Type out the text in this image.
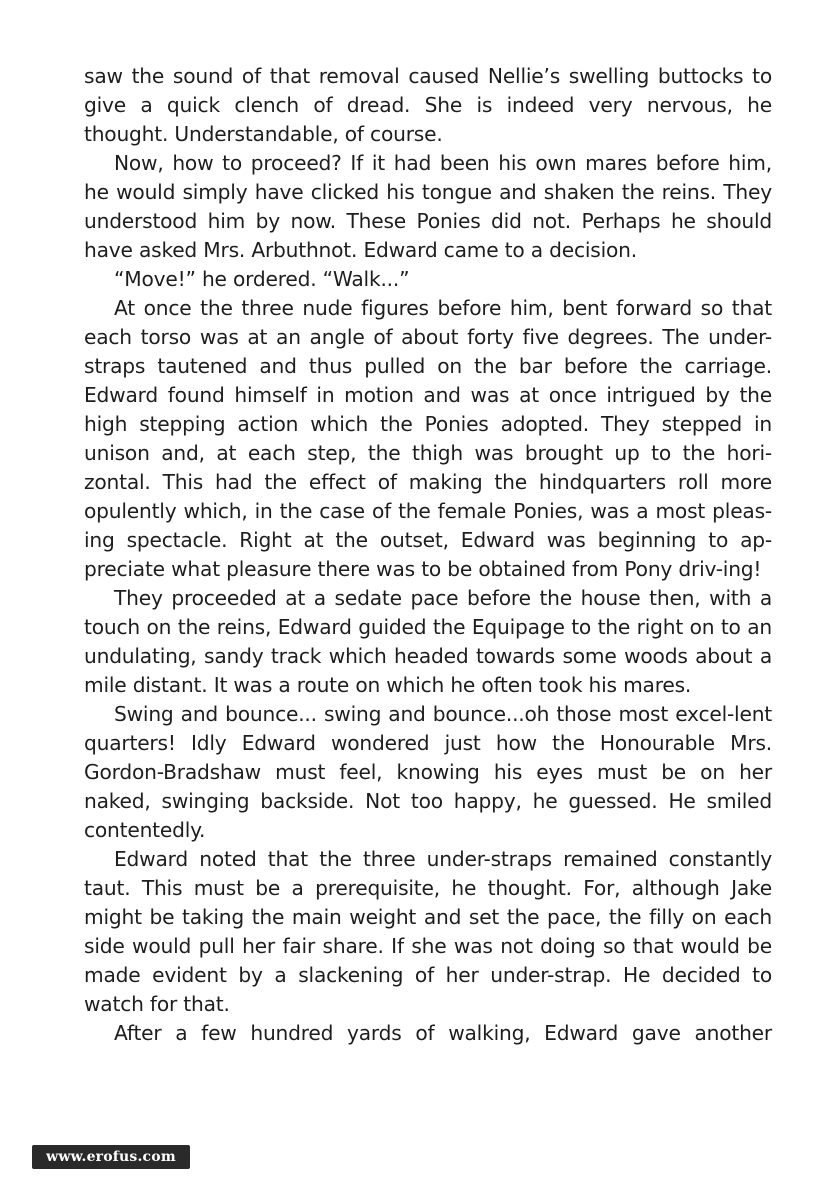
saw the sound of that removal caused Nellie’s swelling buttocks to give a quick clench of dread. She is indeed very nervous, he thought. Understandable, of course.

Now, how to proceed? If it had been his own mares before him, he would simply have clicked his tongue and shaken the reins. They understood him by now. These Ponies did not. Perhaps he should have asked Mrs. Arbuthnot. Edward came to a decision.

“Move!” he ordered. “Walk...”

At once the three nude figures before him, bent forward so that each torso was at an angle of about forty five degrees. The under-straps tautened and thus pulled on the bar before the carriage. Edward found himself in motion and was at once intrigued by the high stepping action which the Ponies adopted. They stepped in unison and, at each step, the thigh was brought up to the hori-zontal. This had the effect of making the hindquarters roll more opulently which, in the case of the female Ponies, was a most pleas-ing spectacle. Right at the outset, Edward was beginning to ap-preciate what pleasure there was to be obtained from Pony driv-ing!

They proceeded at a sedate pace before the house then, with a touch on the reins, Edward guided the Equipage to the right on to an undulating, sandy track which headed towards some woods about a mile distant. It was a route on which he often took his mares.

Swing and bounce... swing and bounce...oh those most excel-lent quarters! Idly Edward wondered just how the Honourable Mrs. Gordon-Bradshaw must feel, knowing his eyes must be on her naked, swinging backside. Not too happy, he guessed. He smiled contentedly.

Edward noted that the three under-straps remained constantly taut. This must be a prerequisite, he thought. For, although Jake might be taking the main weight and set the pace, the filly on each side would pull her fair share. If she was not doing so that would be made evident by a slackening of her under-strap. He decided to watch for that.

After a few hundred yards of walking, Edward gave another

www.erofus.com
